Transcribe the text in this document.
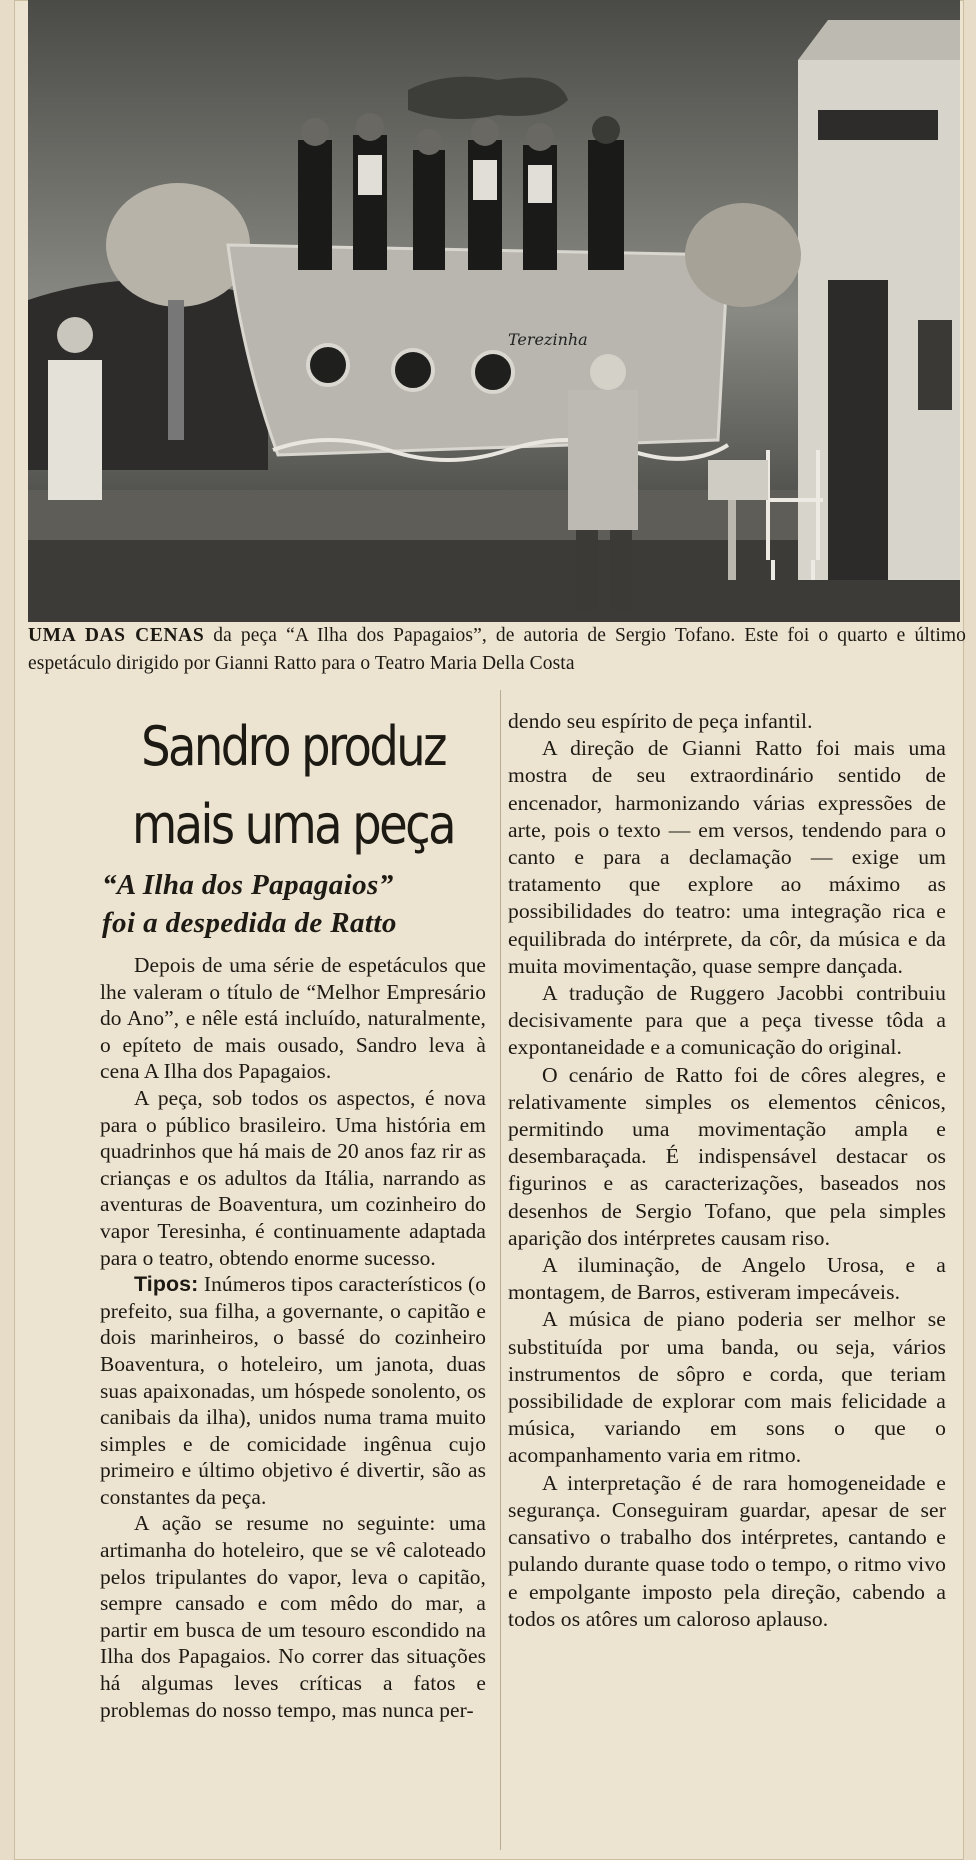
Terezinha
UMA DAS CENAS da peça “A Ilha dos Papagaios”, de autoria de Sergio Tofano. Este foi o quarto e último espetáculo dirigido por Gianni Ratto para o Teatro Maria Della Costa
Sandro produz
mais uma peça
“A Ilha dos Papagaios”
foi a despedida de Ratto

Depois de uma série de espetáculos que lhe valeram o título de “Melhor Empresário do Ano”, e nêle está incluído, naturalmente, o epíteto de mais ousado, Sandro leva à cena A Ilha dos Papagaios.

A peça, sob todos os aspectos, é nova para o público brasileiro. Uma história em quadrinhos que há mais de 20 anos faz rir as crianças e os adultos da Itália, narrando as aventuras de Boaventura, um cozinheiro do vapor Teresinha, é continuamente adaptada para o teatro, obtendo enorme sucesso.

Tipos: Inúmeros tipos característicos (o prefeito, sua filha, a governante, o capitão e dois marinheiros, o bassé do cozinheiro Boaventura, o hoteleiro, um janota, duas suas apaixonadas, um hóspede sonolento, os canibais da ilha), unidos numa trama muito simples e de comicidade ingênua cujo primeiro e último objetivo é divertir, são as constantes da peça.

A ação se resume no seguinte: uma artimanha do hoteleiro, que se vê caloteado pelos tripulantes do vapor, leva o capitão, sempre cansado e com mêdo do mar, a partir em busca de um tesouro escondido na Ilha dos Papagaios. No correr das situações há algumas leves críticas a fatos e problemas do nosso tempo, mas nunca per-

dendo seu espírito de peça infantil.

A direção de Gianni Ratto foi mais uma mostra de seu extraordinário sentido de encenador, harmonizando várias expressões de arte, pois o texto — em versos, tendendo para o canto e para a declamação — exige um tratamento que explore ao máximo as possibilidades do teatro: uma integração rica e equilibrada do intérprete, da côr, da música e da muita movimentação, quase sempre dançada.

A tradução de Ruggero Jacobbi contribuiu decisivamente para que a peça tivesse tôda a expontaneidade e a comunicação do original.

O cenário de Ratto foi de côres alegres, e relativamente simples os elementos cênicos, permitindo uma movimentação ampla e desembaraçada. É indispensável destacar os figurinos e as caracterizações, baseados nos desenhos de Sergio Tofano, que pela simples aparição dos intérpretes causam riso.

A iluminação, de Angelo Urosa, e a montagem, de Barros, estiveram impecáveis.

A música de piano poderia ser melhor se substituída por uma banda, ou seja, vários instrumentos de sôpro e corda, que teriam possibilidade de explorar com mais felicidade a música, variando em sons o que o acompanhamento varia em ritmo.

A interpretação é de rara homogeneidade e segurança. Conseguiram guardar, apesar de ser cansativo o trabalho dos intérpretes, cantando e pulando durante quase todo o tempo, o ritmo vivo e empolgante imposto pela direção, cabendo a todos os atôres um caloroso aplauso.
